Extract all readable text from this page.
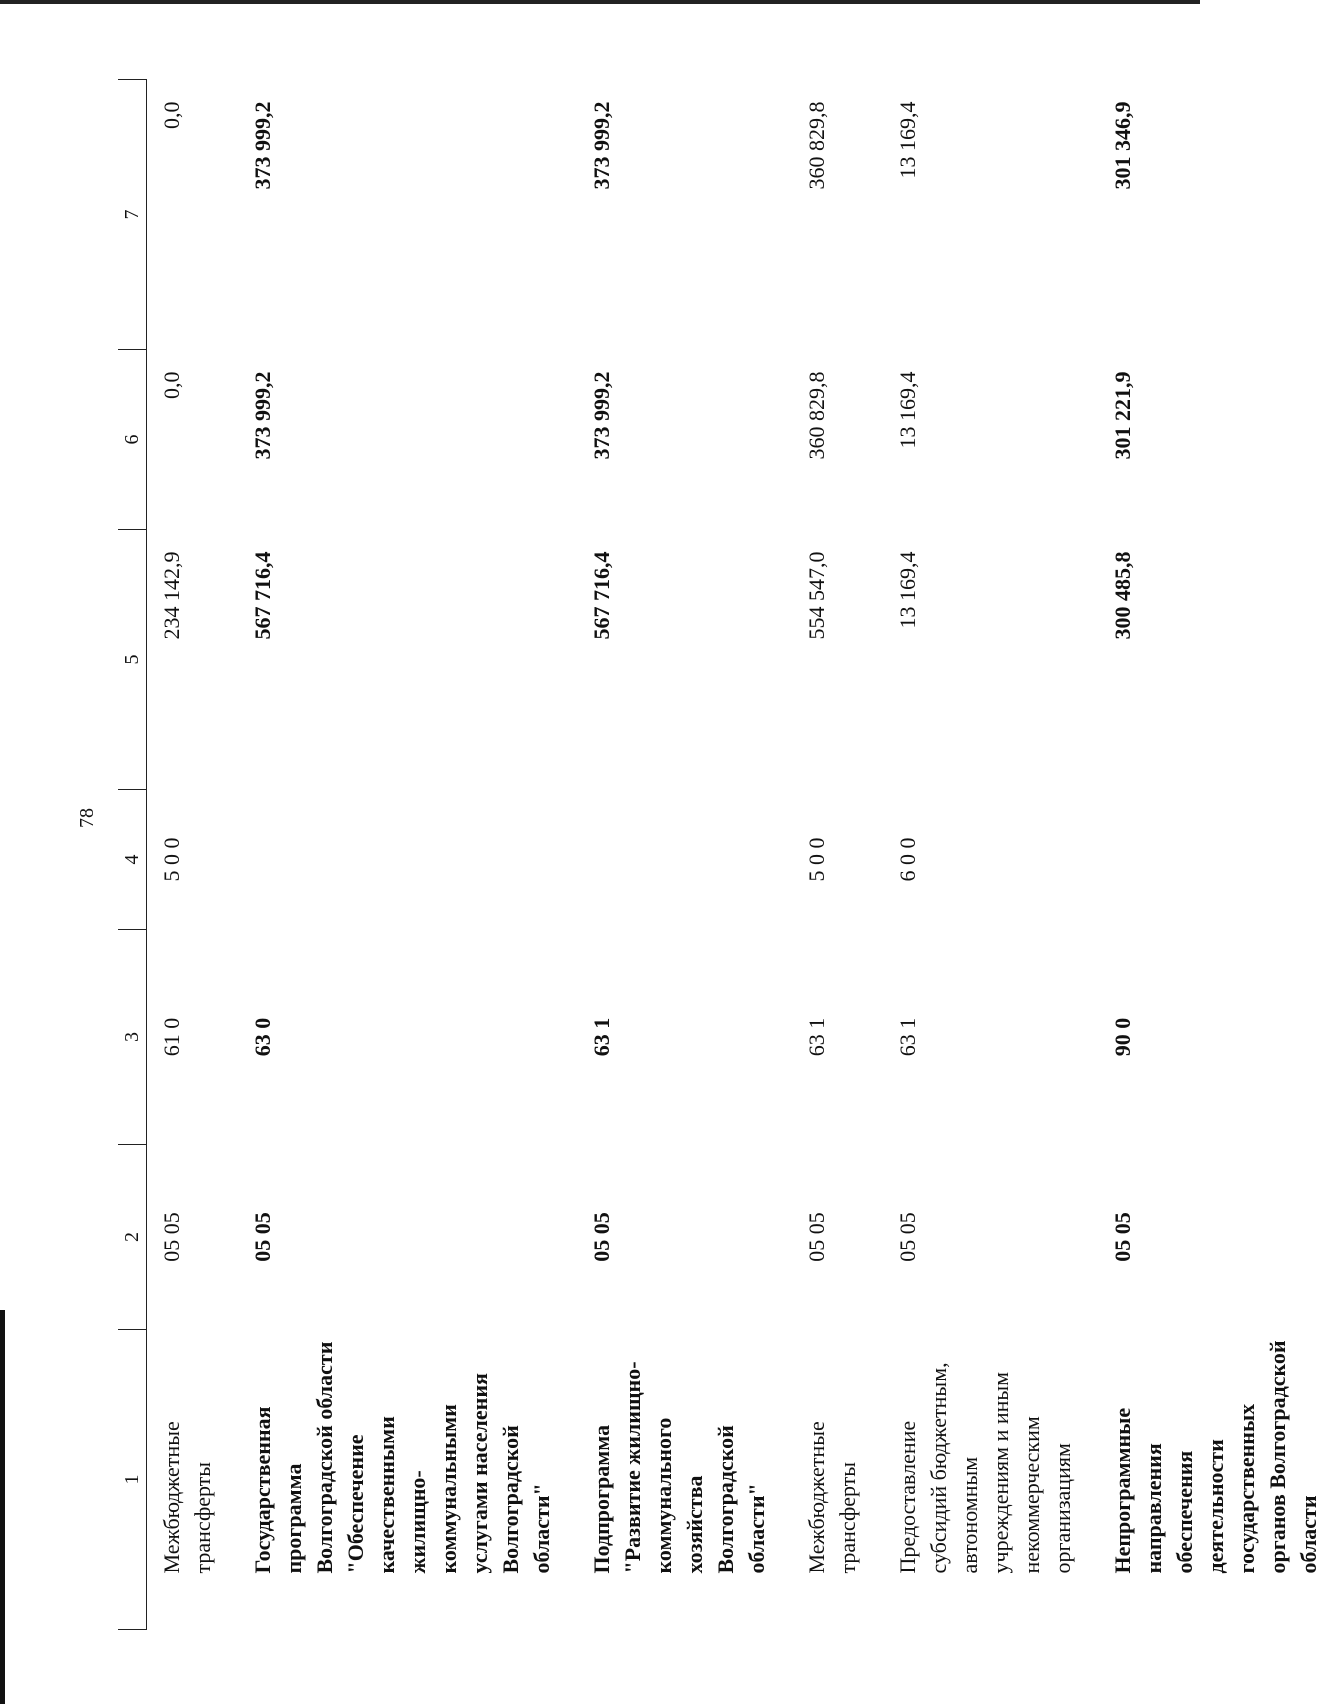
78
1	2	3	4	5	6	7
Межбюджетные трансферты	05 05	61 0	5 0 0	234 142,9	0,0	0,0
Государственная программа Волгоградской области "Обеспечение качественными жилищно-коммунальными услугами населения Волгоградской области"	05 05	63 0		567 716,4	373 999,2	373 999,2
Подпрограмма "Развитие жилищно-коммунального хозяйства Волгоградской области"	05 05	63 1		567 716,4	373 999,2	373 999,2
Межбюджетные трансферты	05 05	63 1	5 0 0	554 547,0	360 829,8	360 829,8
Предоставление субсидий бюджетным, автономным учреждениям и иным некоммерческим организациям	05 05	63 1	6 0 0	13 169,4	13 169,4	13 169,4
Непрограммные направления обеспечения деятельности государственных органов Волгоградской области	05 05	90 0		300 485,8	301 221,9	301 346,9
